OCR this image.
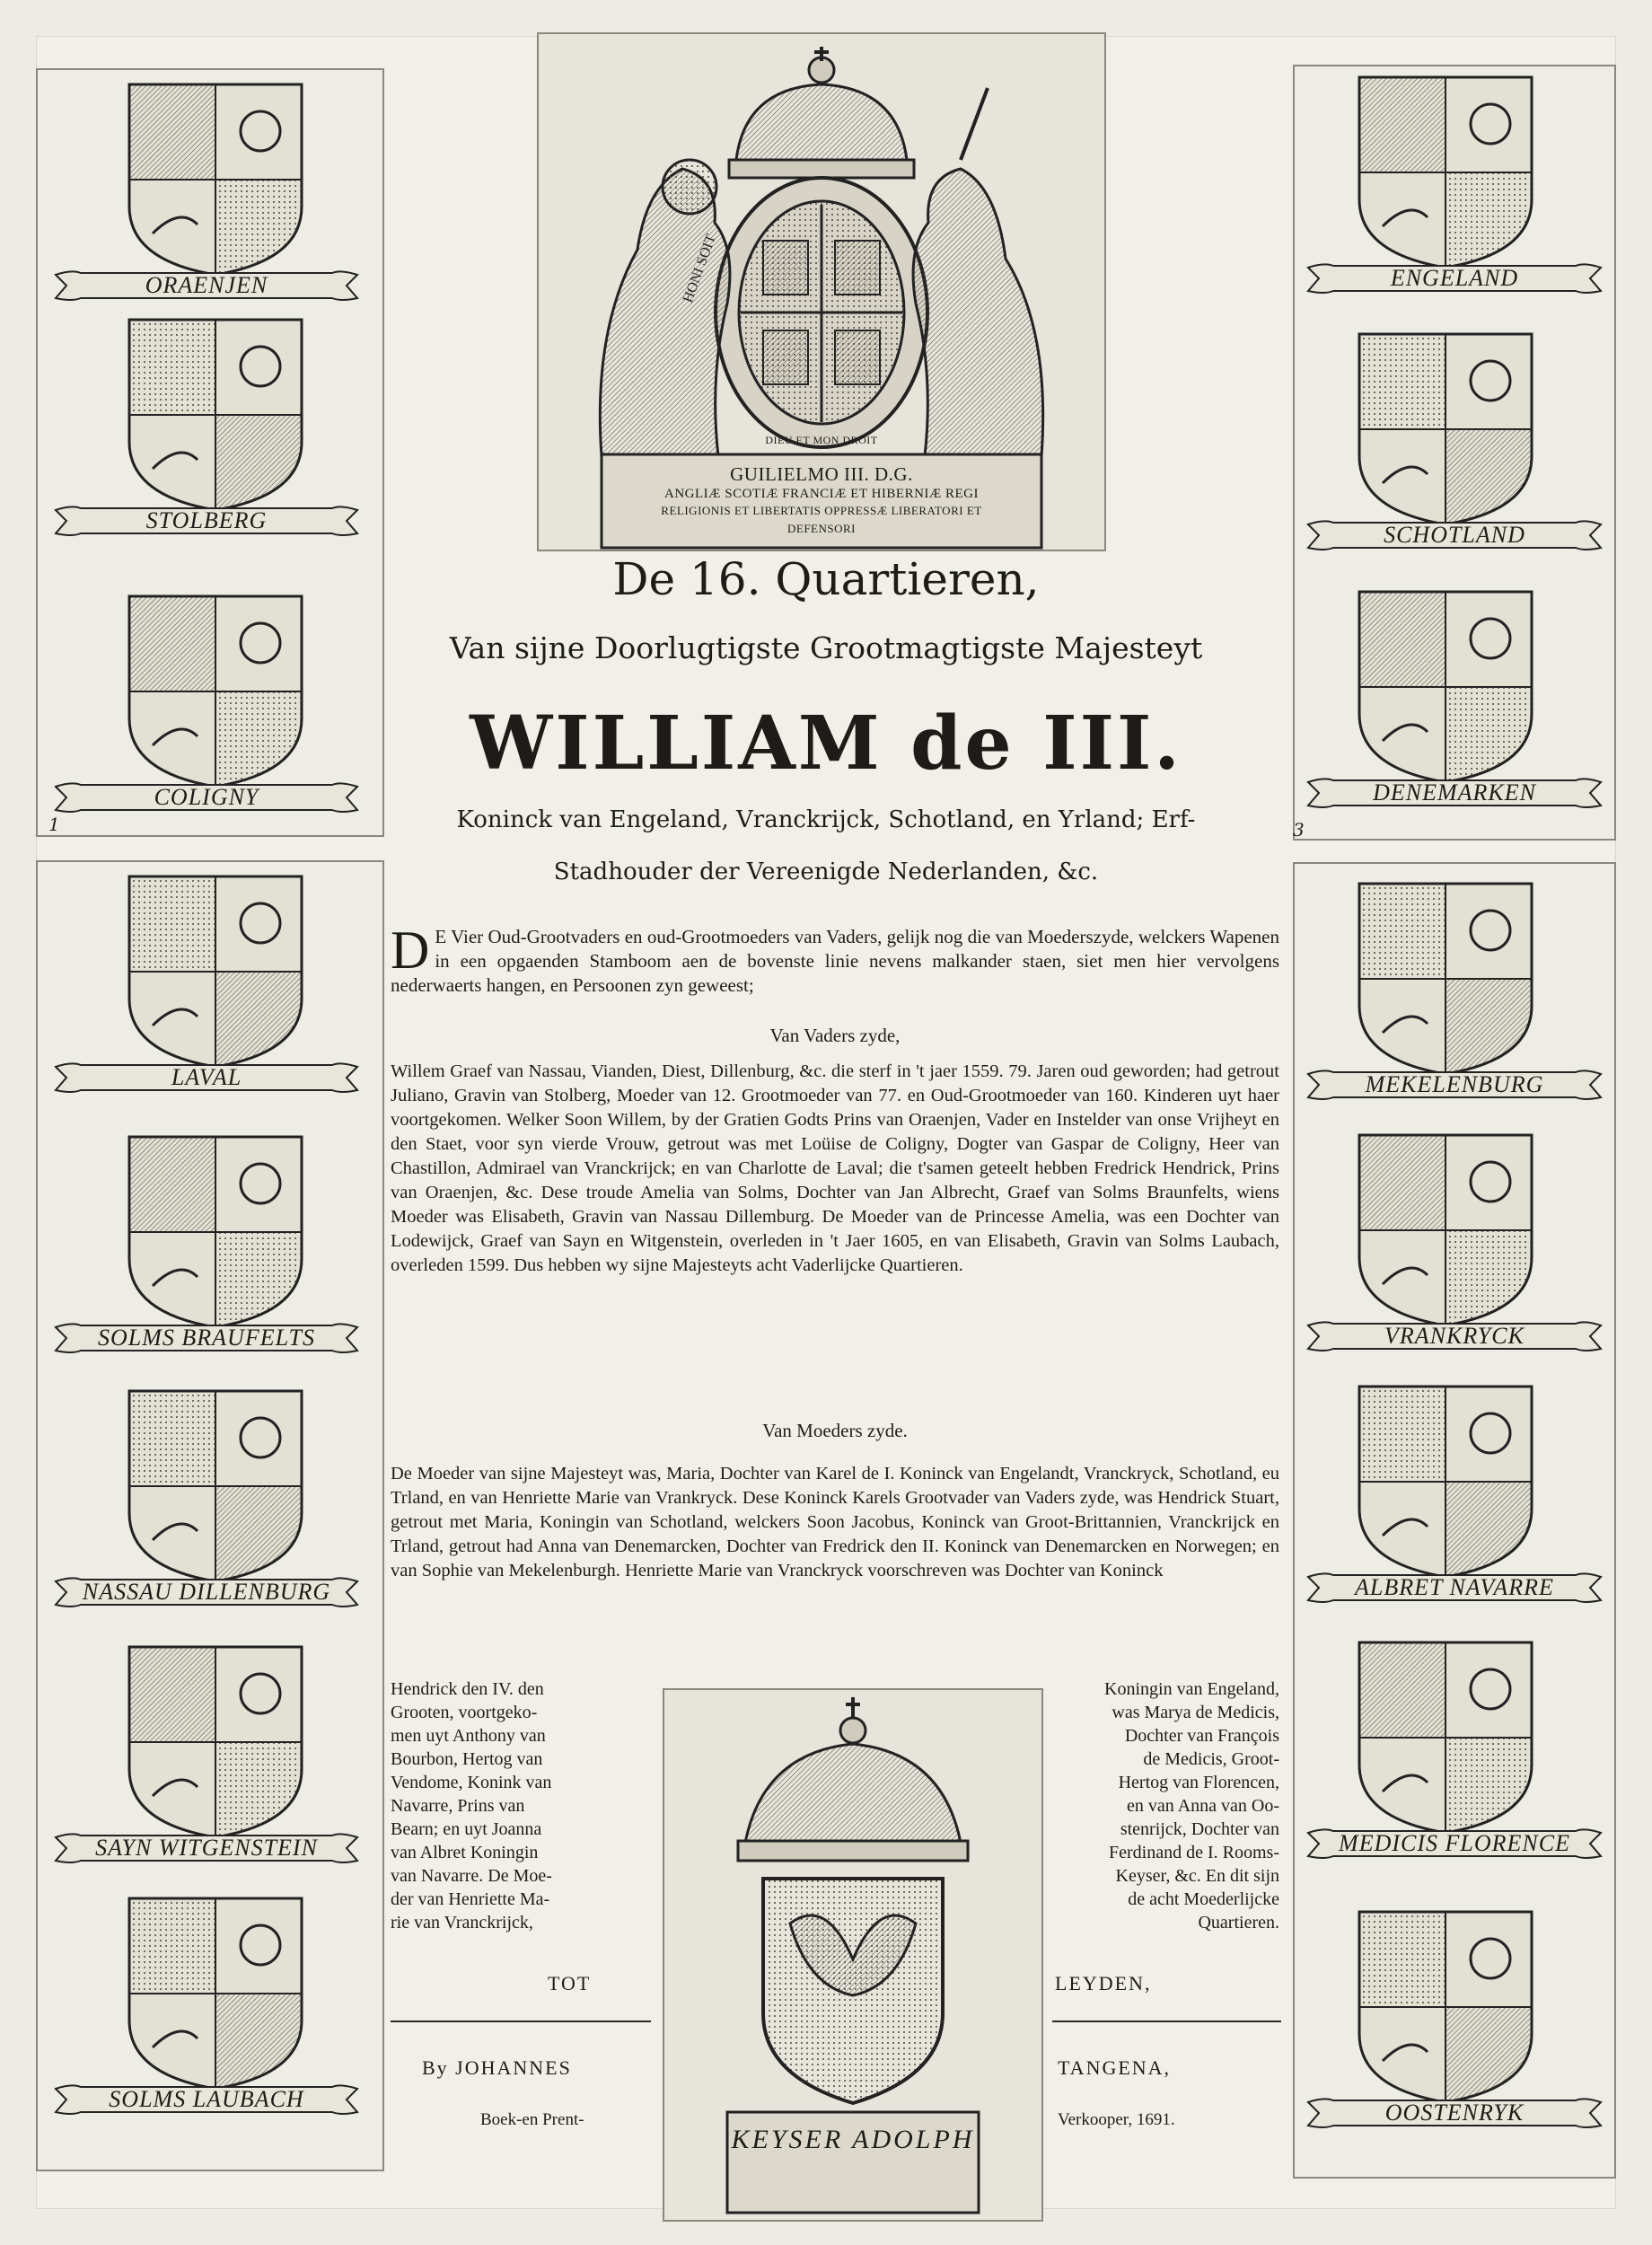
DIEU ET MON DROIT
GUILIELMO III. D.G.
ANGLIÆ SCOTIÆ FRANCIÆ ET HIBERNIÆ REGI
RELIGIONIS ET LIBERTATIS OPPRESSÆ LIBERATORI ET
DEFENSORI
De 16. Quartieren,
Van sijne Doorlugtigste Grootmagtigste Majesteyt
WILLIAM de III.
Koninck van Engeland, Vranckrijck, Schotland, en Yrland; Erf-
Stadhouder der Vereenigde Nederlanden, &c.
1	3
D E Vier Oud-Grootvaders en oud-Grootmoeders van Vaders, gelijk nog die van Moederszyde, welckers Wapenen in een opgaenden Stamboom aen de bovenste linie nevens malkander staen, siet men hier vervolgens nederwaerts hangen, en Persoonen zyn geweest;
Van Vaders zyde,
Willem Graef van Nassau, Vianden, Diest, Dillenburg, &c. die sterf in 't jaer 1559. 79. Jaren oud geworden; had getrout Juliano, Gravin van Stolberg, Moeder van 12. Grootmoeder van 77. en Oud-Grootmoeder van 160. Kinderen uyt haer voortgekomen. Welker Soon Willem, by der Gratien Godts Prins van Oraenjen, Vader en Instelder van onse Vrijheyt en den Staet, voor syn vierde Vrouw, getrout was met Loüise de Coligny, Dogter van Gaspar de Coligny, Heer van Chastillon, Admirael van Vranckrijck; en van Charlotte de Laval; die t'samen geteelt hebben Fredrick Hendrick, Prins van Oraenjen, &c. Dese troude Amelia van Solms, Dochter van Jan Albrecht, Graef van Solms Braunfelts, wiens Moeder was Elisabeth, Gravin van Nassau Dillemburg. De Moeder van de Princesse Amelia, was een Dochter van Lodewijck, Graef van Sayn en Witgenstein, overleden in 't Jaer 1605, en van Elisabeth, Gravin van Solms Laubach, overleden 1599. Dus hebben wy sijne Majesteyts acht Vaderlijcke Quartieren.
Van Moeders zyde.
De Moeder van sijne Majesteyt was, Maria, Dochter van Karel de I. Koninck van Engelandt, Vranckryck, Schotland, eu Trland, en van Henriette Marie van Vrankryck. Dese Koninck Karels Grootvader van Vaders zyde, was Hendrick Stuart, getrout met Maria, Koningin van Schotland, welckers Soon Jacobus, Koninck van Groot-Brittannien, Vranckrijck en Trland, getrout had Anna van Denemarcken, Dochter van Fredrick den II. Koninck van Denemarcken en Norwegen; en van Sophie van Mekelenburgh. Henriette Marie van Vranckryck voorschreven was Dochter van Koninck
Hendrick den IV. den
Grooten, voortgeko-
men uyt Anthony van
Bourbon, Hertog van
Vendome, Konink van
Navarre, Prins van
Bearn; en uyt Joanna
van Albret Koningin
van Navarre. De Moe-
der van Henriette Ma-
rie van Vranckrijck,
Koningin van Engeland,
was Marya de Medicis,
Dochter van François
de Medicis, Groot-
Hertog van Florencen,
en van Anna van Oo-
stenrijck, Dochter van
Ferdinand de I. Rooms-
Keyser, &c. En dit sijn
de acht Moederlijcke
Quartieren.
KEYSER ADOLPH
TOT	LEYDEN,
By JOHANNES	TANGENA,
Boek-en Prent-	Verkooper, 1691.
ORAENJEN
STOLBERG
COLIGNY
LAVAL
SOLMS BRAUFELTS
NASSAU DILLENBURG
SAYN WITGENSTEIN
SOLMS LAUBACH
ENGELAND
SCHOTLAND
DENEMARKEN
MEKELENBURG
VRANKRYCK
ALBRET NAVARRE
MEDICIS FLORENCE
OOSTENRYK
